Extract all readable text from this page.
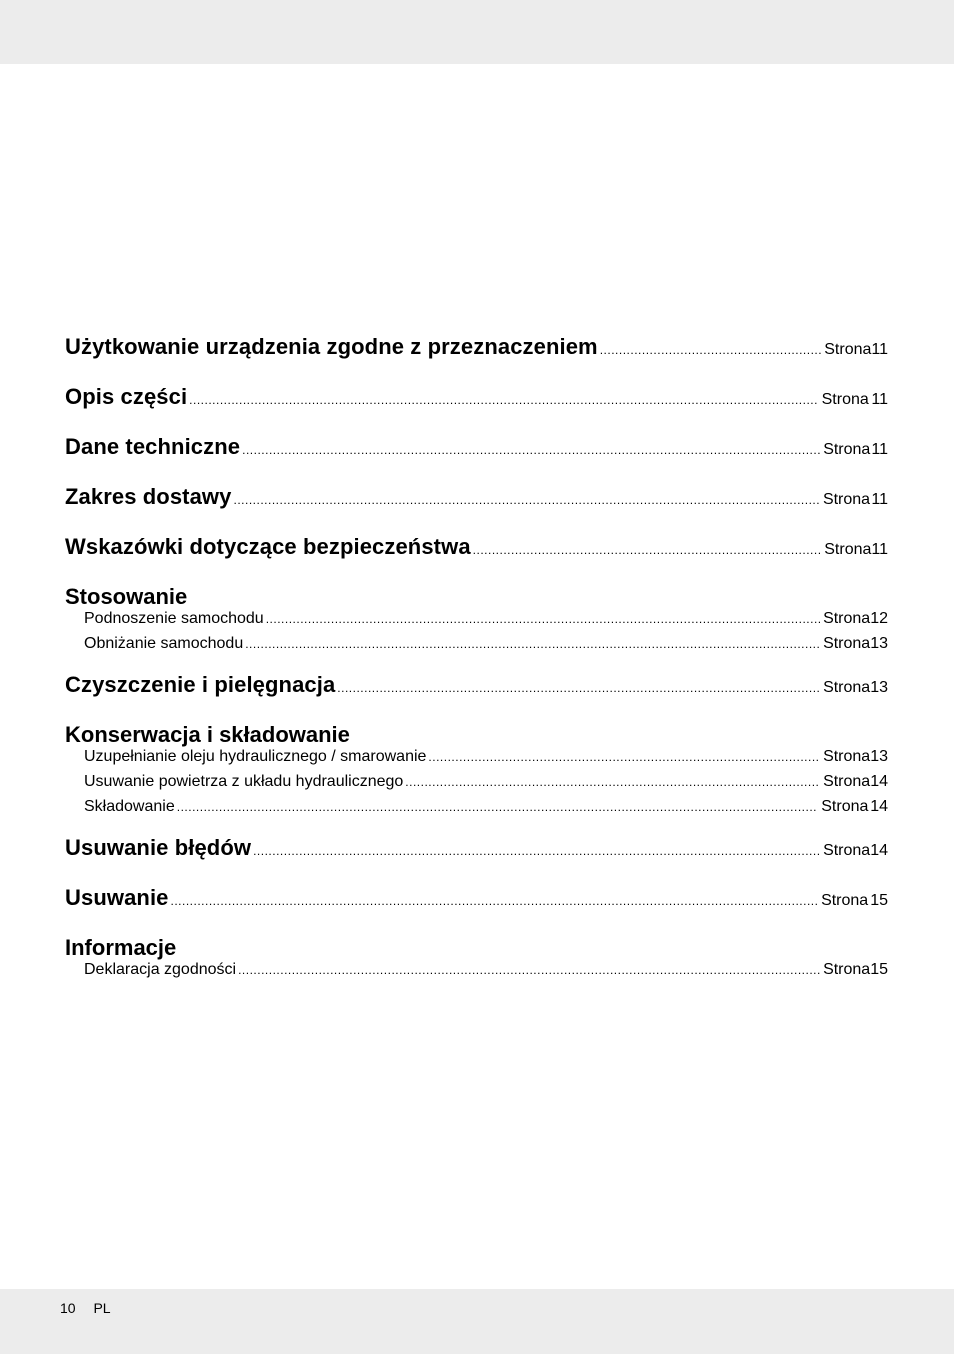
Użytkowanie urządzenia zgodne z przeznaczeniem .....	Strona 11
Opis części .....	Strona 11
Dane techniczne .....	Strona 11
Zakres dostawy .....	Strona 11
Wskazówki dotyczące bezpieczeństwa .....	Strona 11
Stosowanie
Podnoszenie samochodu .....	Strona 12
Obniżanie samochodu .....	Strona 13
Czyszczenie i pielęgnacja .....	Strona 13
Konserwacja i składowanie
Uzupełnianie oleju hydraulicznego / smarowanie .....	Strona 13
Usuwanie powietrza z układu hydraulicznego .....	Strona 14
Składowanie .....	Strona 14
Usuwanie błędów .....	Strona 14
Usuwanie .....	Strona 15
Informacje
Deklaracja zgodności .....	Strona 15
10 PL
